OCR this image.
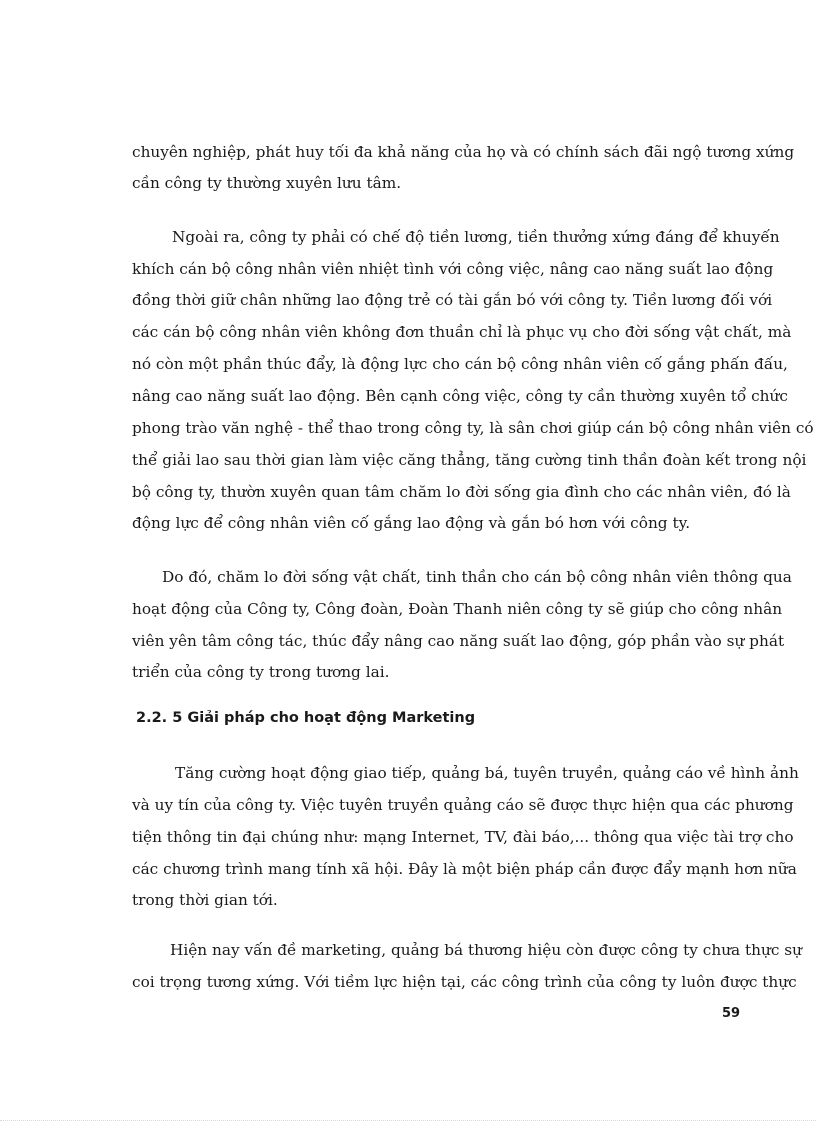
chuyên nghiệp, phát huy tối đa khả năng của họ và có chính sách đãi ngộ tương xứng
cần công ty thường xuyên lưu tâm.
Ngoài ra, công ty phải có chế độ tiền lương, tiền thưởng xứng đáng để khuyến
khích cán bộ công nhân viên nhiệt tình với công việc, nâng cao năng suất lao động
đồng thời giữ chân những lao động trẻ có tài gắn bó với công ty. Tiền lương đối với
các cán bộ công nhân viên không đơn thuần chỉ là phục vụ cho đời sống vật chất, mà
nó còn một phần thúc đẩy, là động lực cho cán bộ công nhân viên cố gắng phấn đấu,
nâng cao năng suất lao động. Bên cạnh công việc, công ty cần thường xuyên tổ chức
phong trào văn nghệ - thể thao trong công ty, là sân chơi giúp cán bộ công nhân viên có
thể giải lao sau thời gian làm việc căng thẳng, tăng cường tinh thần đoàn kết trong nội
bộ công ty, thườn xuyên quan tâm chăm lo đời sống gia đình cho các nhân viên, đó là
động lực để công nhân viên cố gắng lao động và gắn bó hơn với công ty.
Do đó, chăm lo đời sống vật chất, tinh thần cho cán bộ công nhân viên thông qua
hoạt động của Công ty, Công đoàn, Đoàn Thanh niên công ty sẽ giúp cho công nhân
viên yên tâm công tác, thúc đẩy nâng cao năng suất lao động, góp phần vào sự phát
triển của công ty trong tương lai.
2.2. 5 Giải pháp cho hoạt động Marketing
Tăng cường hoạt động giao tiếp, quảng bá, tuyên truyền, quảng cáo về hình ảnh
và uy tín của công ty. Việc tuyên truyền quảng cáo sẽ được thực hiện qua các phương
tiện thông tin đại chúng như: mạng Internet, TV, đài báo,... thông qua việc tài trợ cho
các chương trình mang tính xã hội. Đây là một biện pháp cần được đẩy mạnh hơn nữa
trong thời gian tới.
Hiện nay vấn đề marketing, quảng bá thương hiệu còn được công ty chưa thực sự
coi trọng tương xứng. Với tiềm lực hiện tại, các công trình của công ty luôn được thực
59
